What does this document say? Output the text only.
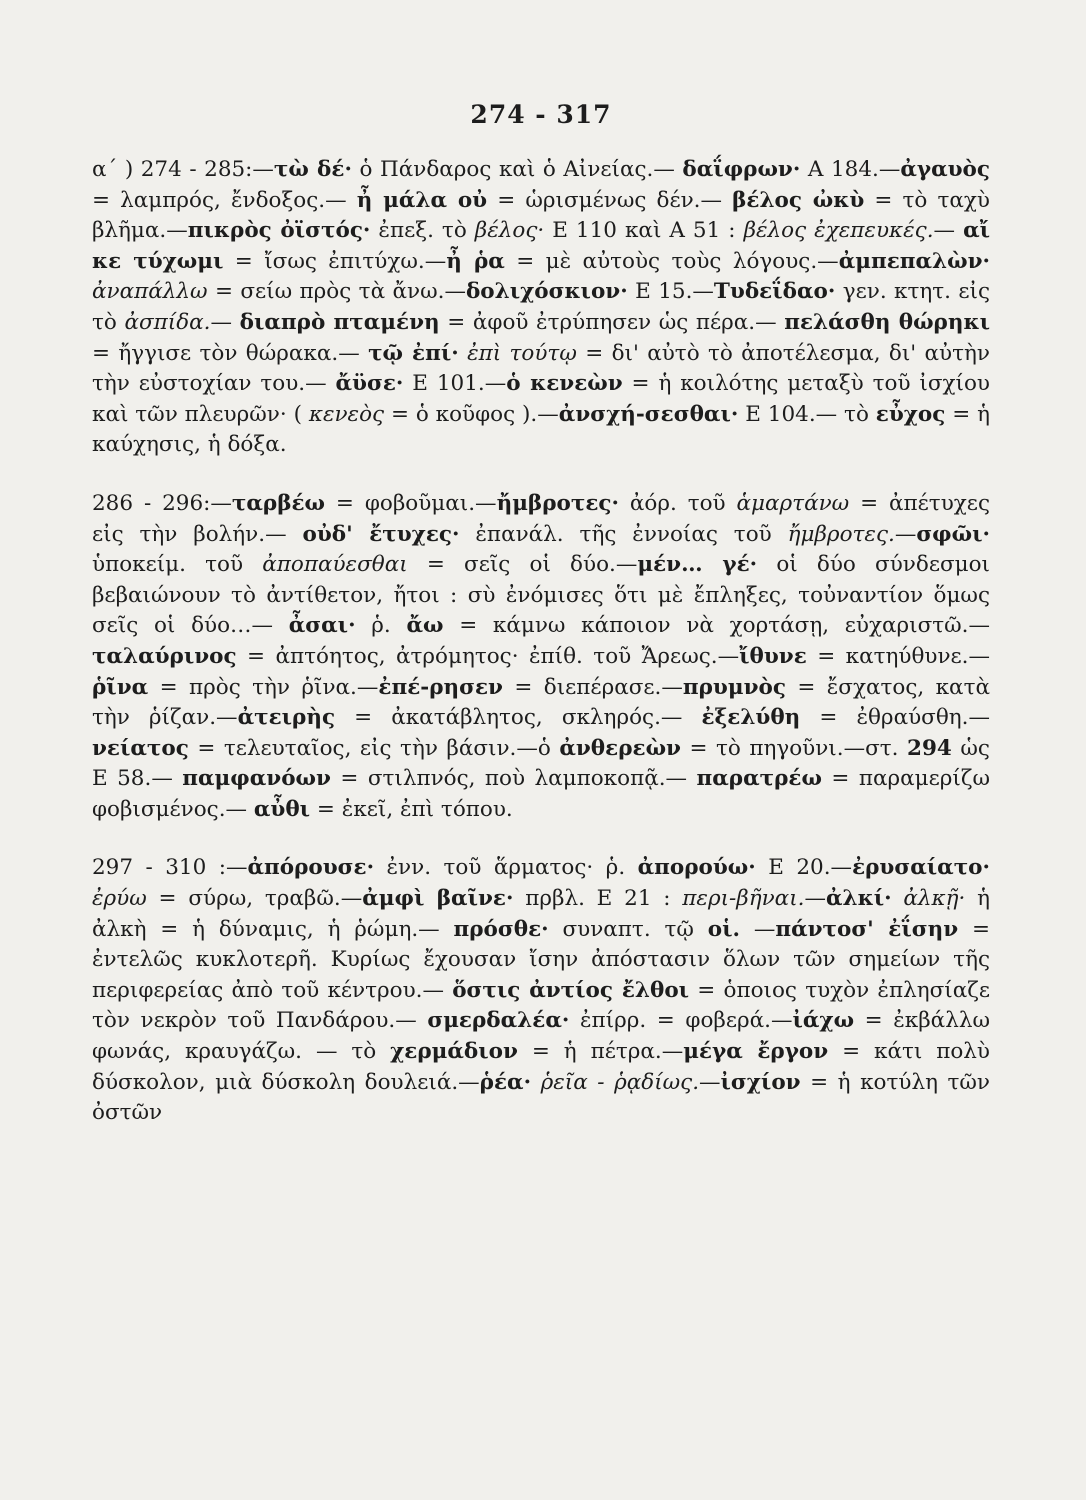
274 - 317

α΄ ) 274 - 285:—τὼ δέ· ὁ Πάνδαρος καὶ ὁ Αἰνείας.— δαΐφρων· Α 184.—ἀγαυὸς = λαμπρός, ἔνδοξος.— ἦ μάλα οὐ = ὡρισμένως δέν.— βέλος ὠκὺ = τὸ ταχὺ βλῆμα.—πικρὸς ὀϊστός· ἐπεξ. τὸ βέλος· Ε 110 καὶ Α 51 : βέλος ἐχεπευκές.— αἴ κε τύχωμι = ἴσως ἐπιτύχω.—ἦ ῥα = μὲ αὐτοὺς τοὺς λόγους.—ἀμπεπαλὼν· ἀναπάλλω = σείω πρὸς τὰ ἄνω.—δολιχόσκιον· Ε 15.—Τυδεΐδαο· γεν. κτητ. εἰς τὸ ἀσπίδα.— διαπρὸ πταμένη = ἀφοῦ ἐτρύπησεν ὡς πέρα.— πελάσθη θώρηκι = ἤγγισε τὸν θώρακα.— τῷ ἐπί· ἐπὶ τούτῳ = δι' αὐτὸ τὸ ἀποτέλεσμα, δι' αὐτὴν τὴν εὐστοχίαν του.— ἄϋσε· Ε 101.—ὁ κενεὼν = ἡ κοιλότης μεταξὺ τοῦ ἰσχίου καὶ τῶν πλευρῶν· ( κενεὸς = ὁ κοῦφος ).—ἀνσχή-σεσθαι· Ε 104.— τὸ εὖχος = ἡ καύχησις, ἡ δόξα.

286 - 296:—ταρβέω = φοβοῦμαι.—ἤμβροτες· ἀόρ. τοῦ ἁμαρτάνω = ἀπέτυχες εἰς τὴν βολήν.— οὐδ' ἔτυχες· ἐπανάλ. τῆς ἐννοίας τοῦ ἤμβροτες.—σφῶι· ὑποκείμ. τοῦ ἀποπαύεσθαι = σεῖς οἱ δύο.—μέν… γέ· οἱ δύο σύνδεσμοι βεβαιώνουν τὸ ἀντίθετον, ἤτοι : σὺ ἐνόμισες ὅτι μὲ ἔπληξες, τοὐναντίον ὅμως σεῖς οἱ δύο…— ἆσαι· ῥ. ἄω = κάμνω κάποιον νὰ χορτάσῃ, εὐχαριστῶ.—ταλαύρινος = ἀπτόητος, ἀτρόμητος· ἐπίθ. τοῦ Ἄρεως.—ἴθυνε = κατηύθυνε.—ῥῖνα = πρὸς τὴν ῥῖνα.—ἐπέ-ρησεν = διεπέρασε.—πρυμνὸς = ἔσχατος, κατὰ τὴν ῥίζαν.—ἀτειρὴς = ἀκατάβλητος, σκληρός.— ἐξελύθη = ἐθραύσθη.— νείατος = τελευταῖος, εἰς τὴν βάσιν.—ὁ ἀνθερεὼν = τὸ πηγοῦνι.—στ. 294 ὡς Ε 58.— παμφανόων = στιλπνός, ποὺ λαμποκοπᾷ.— παρατρέω = παραμερίζω φοβισμένος.— αὖθι = ἐκεῖ, ἐπὶ τόπου.

297 - 310 :—ἀπόρουσε· ἐνν. τοῦ ἅρματος· ῥ. ἀπορούω· Ε 20.—ἐρυσαίατο· ἐρύω = σύρω, τραβῶ.—ἀμφὶ βαῖνε· πρβλ. Ε 21 : περι-βῆναι.—ἀλκί· ἀλκῇ· ἡ ἀλκὴ = ἡ δύναμις, ἡ ῥώμη.— πρόσθε· συναπτ. τῷ οἱ. —πάντοσ' ἐΐσην = ἐντελῶς κυκλοτερῆ. Κυρίως ἔχουσαν ἴσην ἀπόστασιν ὅλων τῶν σημείων τῆς περιφερείας ἀπὸ τοῦ κέντρου.— ὅστις ἀντίος ἔλθοι = ὁποιος τυχὸν ἐπλησίαζε τὸν νεκρὸν τοῦ Πανδάρου.— σμερδαλέα· ἐπίρρ. = φοβερά.—ἰάχω = ἐκβάλλω φωνάς, κραυγάζω. — τὸ χερμάδιον = ἡ πέτρα.—μέγα ἔργον = κάτι πολὺ δύσκολον, μιὰ δύσκολη δουλειά.—ῥέα· ῥεῖα - ῥᾳδίως.—ἰσχίον = ἡ κοτύλη τῶν ὀστῶν
